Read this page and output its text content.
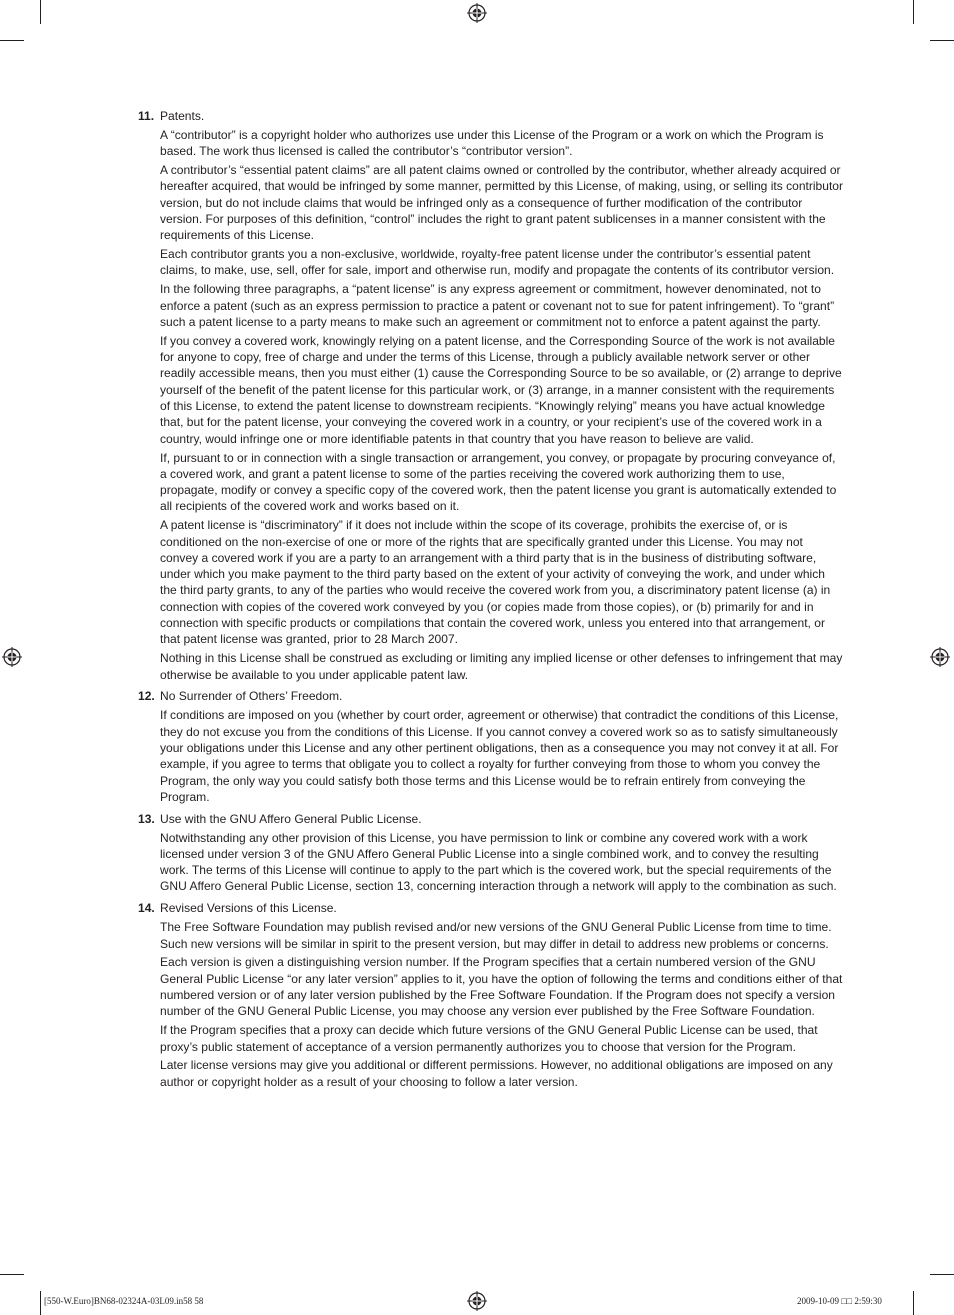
11. Patents.

A “contributor” is a copyright holder who authorizes use under this License of the Program or a work on which the Program is based. The work thus licensed is called the contributor’s “contributor version”.

A contributor’s “essential patent claims” are all patent claims owned or controlled by the contributor, whether already acquired or hereafter acquired, that would be infringed by some manner, permitted by this License, of making, using, or selling its contributor version, but do not include claims that would be infringed only as a consequence of further modification of the contributor version. For purposes of this definition, “control” includes the right to grant patent sublicenses in a manner consistent with the requirements of this License.

Each contributor grants you a non-exclusive, worldwide, royalty-free patent license under the contributor’s essential patent claims, to make, use, sell, offer for sale, import and otherwise run, modify and propagate the contents of its contributor version.

In the following three paragraphs, a “patent license” is any express agreement or commitment, however denominated, not to enforce a patent (such as an express permission to practice a patent or covenant not to sue for patent infringement). To “grant” such a patent license to a party means to make such an agreement or commitment not to enforce a patent against the party.

If you convey a covered work, knowingly relying on a patent license, and the Corresponding Source of the work is not available for anyone to copy, free of charge and under the terms of this License, through a publicly available network server or other readily accessible means, then you must either (1) cause the Corresponding Source to be so available, or (2) arrange to deprive yourself of the benefit of the patent license for this particular work, or (3) arrange, in a manner consistent with the requirements of this License, to extend the patent license to downstream recipients. “Knowingly relying” means you have actual knowledge that, but for the patent license, your conveying the covered work in a country, or your recipient’s use of the covered work in a country, would infringe one or more identifiable patents in that country that you have reason to believe are valid.

If, pursuant to or in connection with a single transaction or arrangement, you convey, or propagate by procuring conveyance of, a covered work, and grant a patent license to some of the parties receiving the covered work authorizing them to use, propagate, modify or convey a specific copy of the covered work, then the patent license you grant is automatically extended to all recipients of the covered work and works based on it.

A patent license is “discriminatory” if it does not include within the scope of its coverage, prohibits the exercise of, or is conditioned on the non-exercise of one or more of the rights that are specifically granted under this License. You may not convey a covered work if you are a party to an arrangement with a third party that is in the business of distributing software, under which you make payment to the third party based on the extent of your activity of conveying the work, and under which the third party grants, to any of the parties who would receive the covered work from you, a discriminatory patent license (a) in connection with copies of the covered work conveyed by you (or copies made from those copies), or (b) primarily for and in connection with specific products or compilations that contain the covered work, unless you entered into that arrangement, or that patent license was granted, prior to 28 March 2007.

Nothing in this License shall be construed as excluding or limiting any implied license or other defenses to infringement that may otherwise be available to you under applicable patent law.

12. No Surrender of Others’ Freedom.

If conditions are imposed on you (whether by court order, agreement or otherwise) that contradict the conditions of this License, they do not excuse you from the conditions of this License. If you cannot convey a covered work so as to satisfy simultaneously your obligations under this License and any other pertinent obligations, then as a consequence you may not convey it at all. For example, if you agree to terms that obligate you to collect a royalty for further conveying from those to whom you convey the Program, the only way you could satisfy both those terms and this License would be to refrain entirely from conveying the Program.

13. Use with the GNU Affero General Public License.

Notwithstanding any other provision of this License, you have permission to link or combine any covered work with a work licensed under version 3 of the GNU Affero General Public License into a single combined work, and to convey the resulting work. The terms of this License will continue to apply to the part which is the covered work, but the special requirements of the GNU Affero General Public License, section 13, concerning interaction through a network will apply to the combination as such.

14. Revised Versions of this License.

The Free Software Foundation may publish revised and/or new versions of the GNU General Public License from time to time. Such new versions will be similar in spirit to the present version, but may differ in detail to address new problems or concerns.

Each version is given a distinguishing version number. If the Program specifies that a certain numbered version of the GNU General Public License “or any later version” applies to it, you have the option of following the terms and conditions either of that numbered version or of any later version published by the Free Software Foundation. If the Program does not specify a version number of the GNU General Public License, you may choose any version ever published by the Free Software Foundation.

If the Program specifies that a proxy can decide which future versions of the GNU General Public License can be used, that proxy’s public statement of acceptance of a version permanently authorizes you to choose that version for the Program.

Later license versions may give you additional or different permissions. However, no additional obligations are imposed on any author or copyright holder as a result of your choosing to follow a later version.

[550-W.Euro]BN68-02324A-03L09.in58 58	2009-10-09 □□ 2:59:30
